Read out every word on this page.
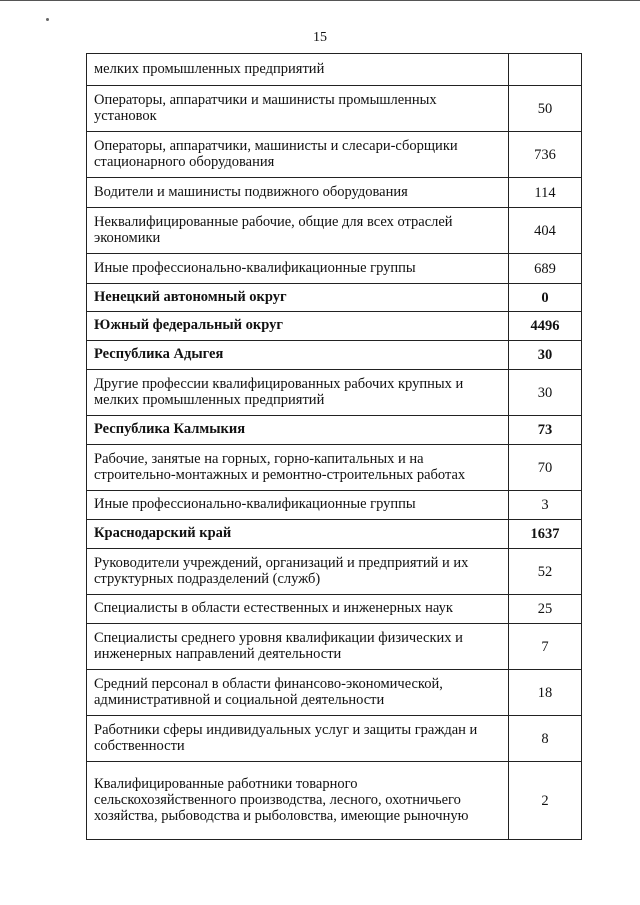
15
мелких промышленных предприятий	
Операторы, аппаратчики и машинисты промышленных установок	50
Операторы, аппаратчики, машинисты и слесари-сборщики стационарного оборудования	736
Водители и машинисты подвижного оборудования	114
Неквалифицированные рабочие, общие для всех отраслей экономики	404
Иные профессионально-квалификационные группы	689
Ненецкий автономный округ	0
Южный федеральный округ	4496
Республика Адыгея	30
Другие профессии квалифицированных рабочих крупных и мелких промышленных предприятий	30
Республика Калмыкия	73
Рабочие, занятые на горных, горно-капитальных и на строительно-монтажных и ремонтно-строительных работах	70
Иные профессионально-квалификационные группы	3
Краснодарский край	1637
Руководители учреждений, организаций и предприятий и их структурных подразделений (служб)	52
Специалисты в области естественных и инженерных наук	25
Специалисты среднего уровня квалификации физических и инженерных направлений деятельности	7
Средний персонал в области финансово-экономической, административной и социальной деятельности	18
Работники сферы индивидуальных услуг и защиты граждан и собственности	8
Квалифицированные работники товарного сельскохозяйственного производства, лесного, охотничьего хозяйства, рыбоводства и рыболовства, имеющие рыночную	2
